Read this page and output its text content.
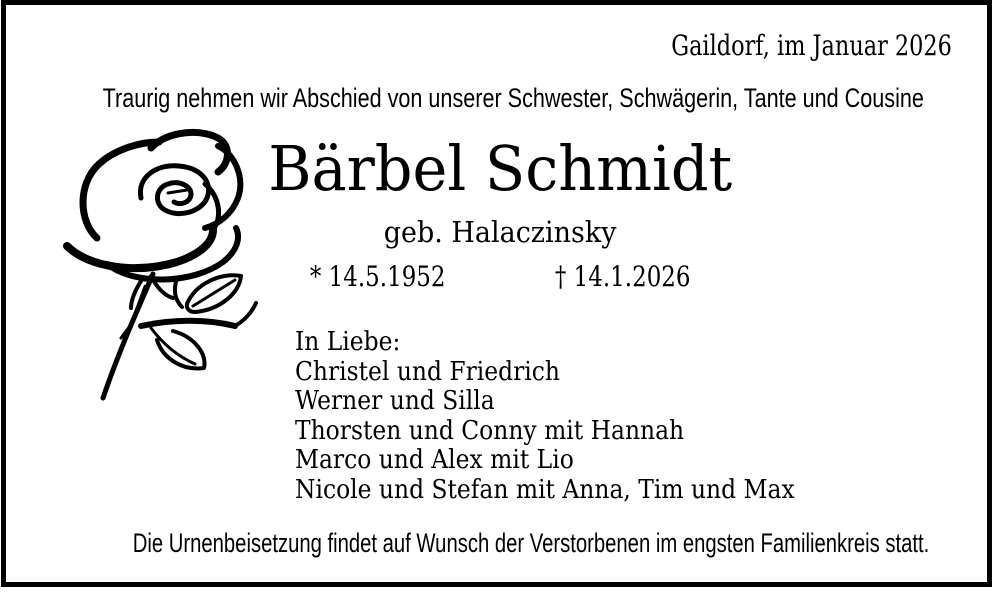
Gaildorf, im Januar 2026
Traurig nehmen wir Abschied von unserer Schwester, Schwägerin, Tante und Cousine
Bärbel Schmidt
geb. Halaczinsky
* 14.5.1952	† 14.1.2026
In Liebe:
Christel und Friedrich
Werner und Silla
Thorsten und Conny mit Hannah
Marco und Alex mit Lio
Nicole und Stefan mit Anna, Tim und Max
Die Urnenbeisetzung findet auf Wunsch der Verstorbenen im engsten Familienkreis statt.
